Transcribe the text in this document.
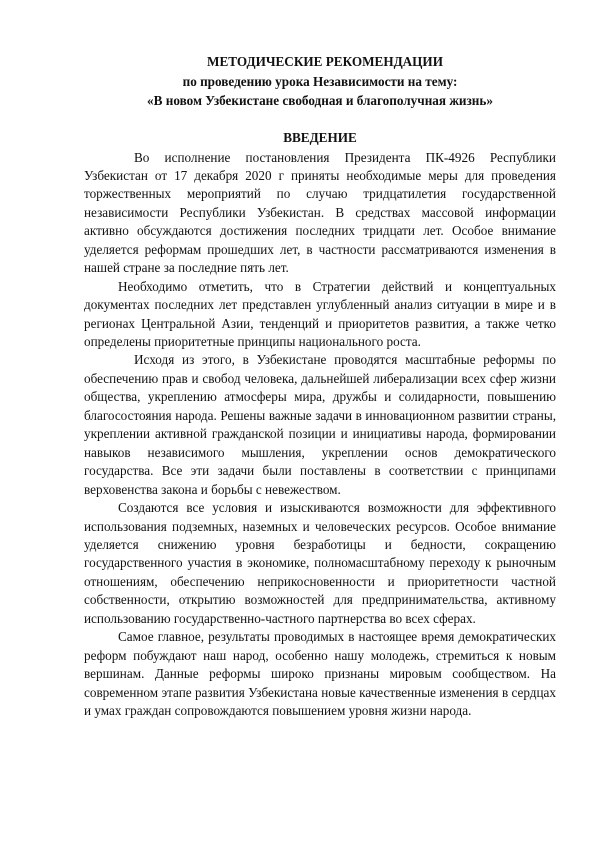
МЕТОДИЧЕСКИЕ РЕКОМЕНДАЦИИ
по проведению урока Независимости на тему:
«В новом Узбекистане свободная и благополучная жизнь»
ВВЕДЕНИЕ

Во исполнение постановления Президента ПК-4926 Республики Узбекистан от 17 декабря 2020 г приняты необходимые меры для проведения торжественных мероприятий по случаю тридцатилетия государственной независимости Республики Узбекистан. В средствах массовой информации активно обсуждаются достижения последних тридцати лет. Особое внимание уделяется реформам прошедших лет, в частности рассматриваются изменения в нашей стране за последние пять лет.

Необходимо отметить, что в Стратегии действий и концептуальных документах последних лет представлен углубленный анализ ситуации в мире и в регионах Центральной Азии, тенденций и приоритетов развития, а также четко определены приоритетные принципы национального роста.

Исходя из этого, в Узбекистане проводятся масштабные реформы по обеспечению прав и свобод человека, дальнейшей либерализации всех сфер жизни общества, укреплению атмосферы мира, дружбы и солидарности, повышению благосостояния народа. Решены важные задачи в инновационном развитии страны, укреплении активной гражданской позиции и инициативы народа, формировании навыков независимого мышления, укреплении основ демократического государства. Все эти задачи были поставлены в соответствии с принципами верховенства закона и борьбы с невежеством.

Создаются все условия и изыскиваются возможности для эффективного использования подземных, наземных и человеческих ресурсов. Особое внимание уделяется снижению уровня безработицы и бедности, сокращению государственного участия в экономике, полномасштабному переходу к рыночным отношениям, обеспечению неприкосновенности и приоритетности частной собственности, открытию возможностей для предпринимательства, активному использованию государственно-частного партнерства во всех сферах.

Самое главное, результаты проводимых в настоящее время демократических реформ побуждают наш народ, особенно нашу молодежь, стремиться к новым вершинам. Данные реформы широко признаны мировым сообществом. На современном этапе развития Узбекистана новые качественные изменения в сердцах и умах граждан сопровождаются повышением уровня жизни народа.
